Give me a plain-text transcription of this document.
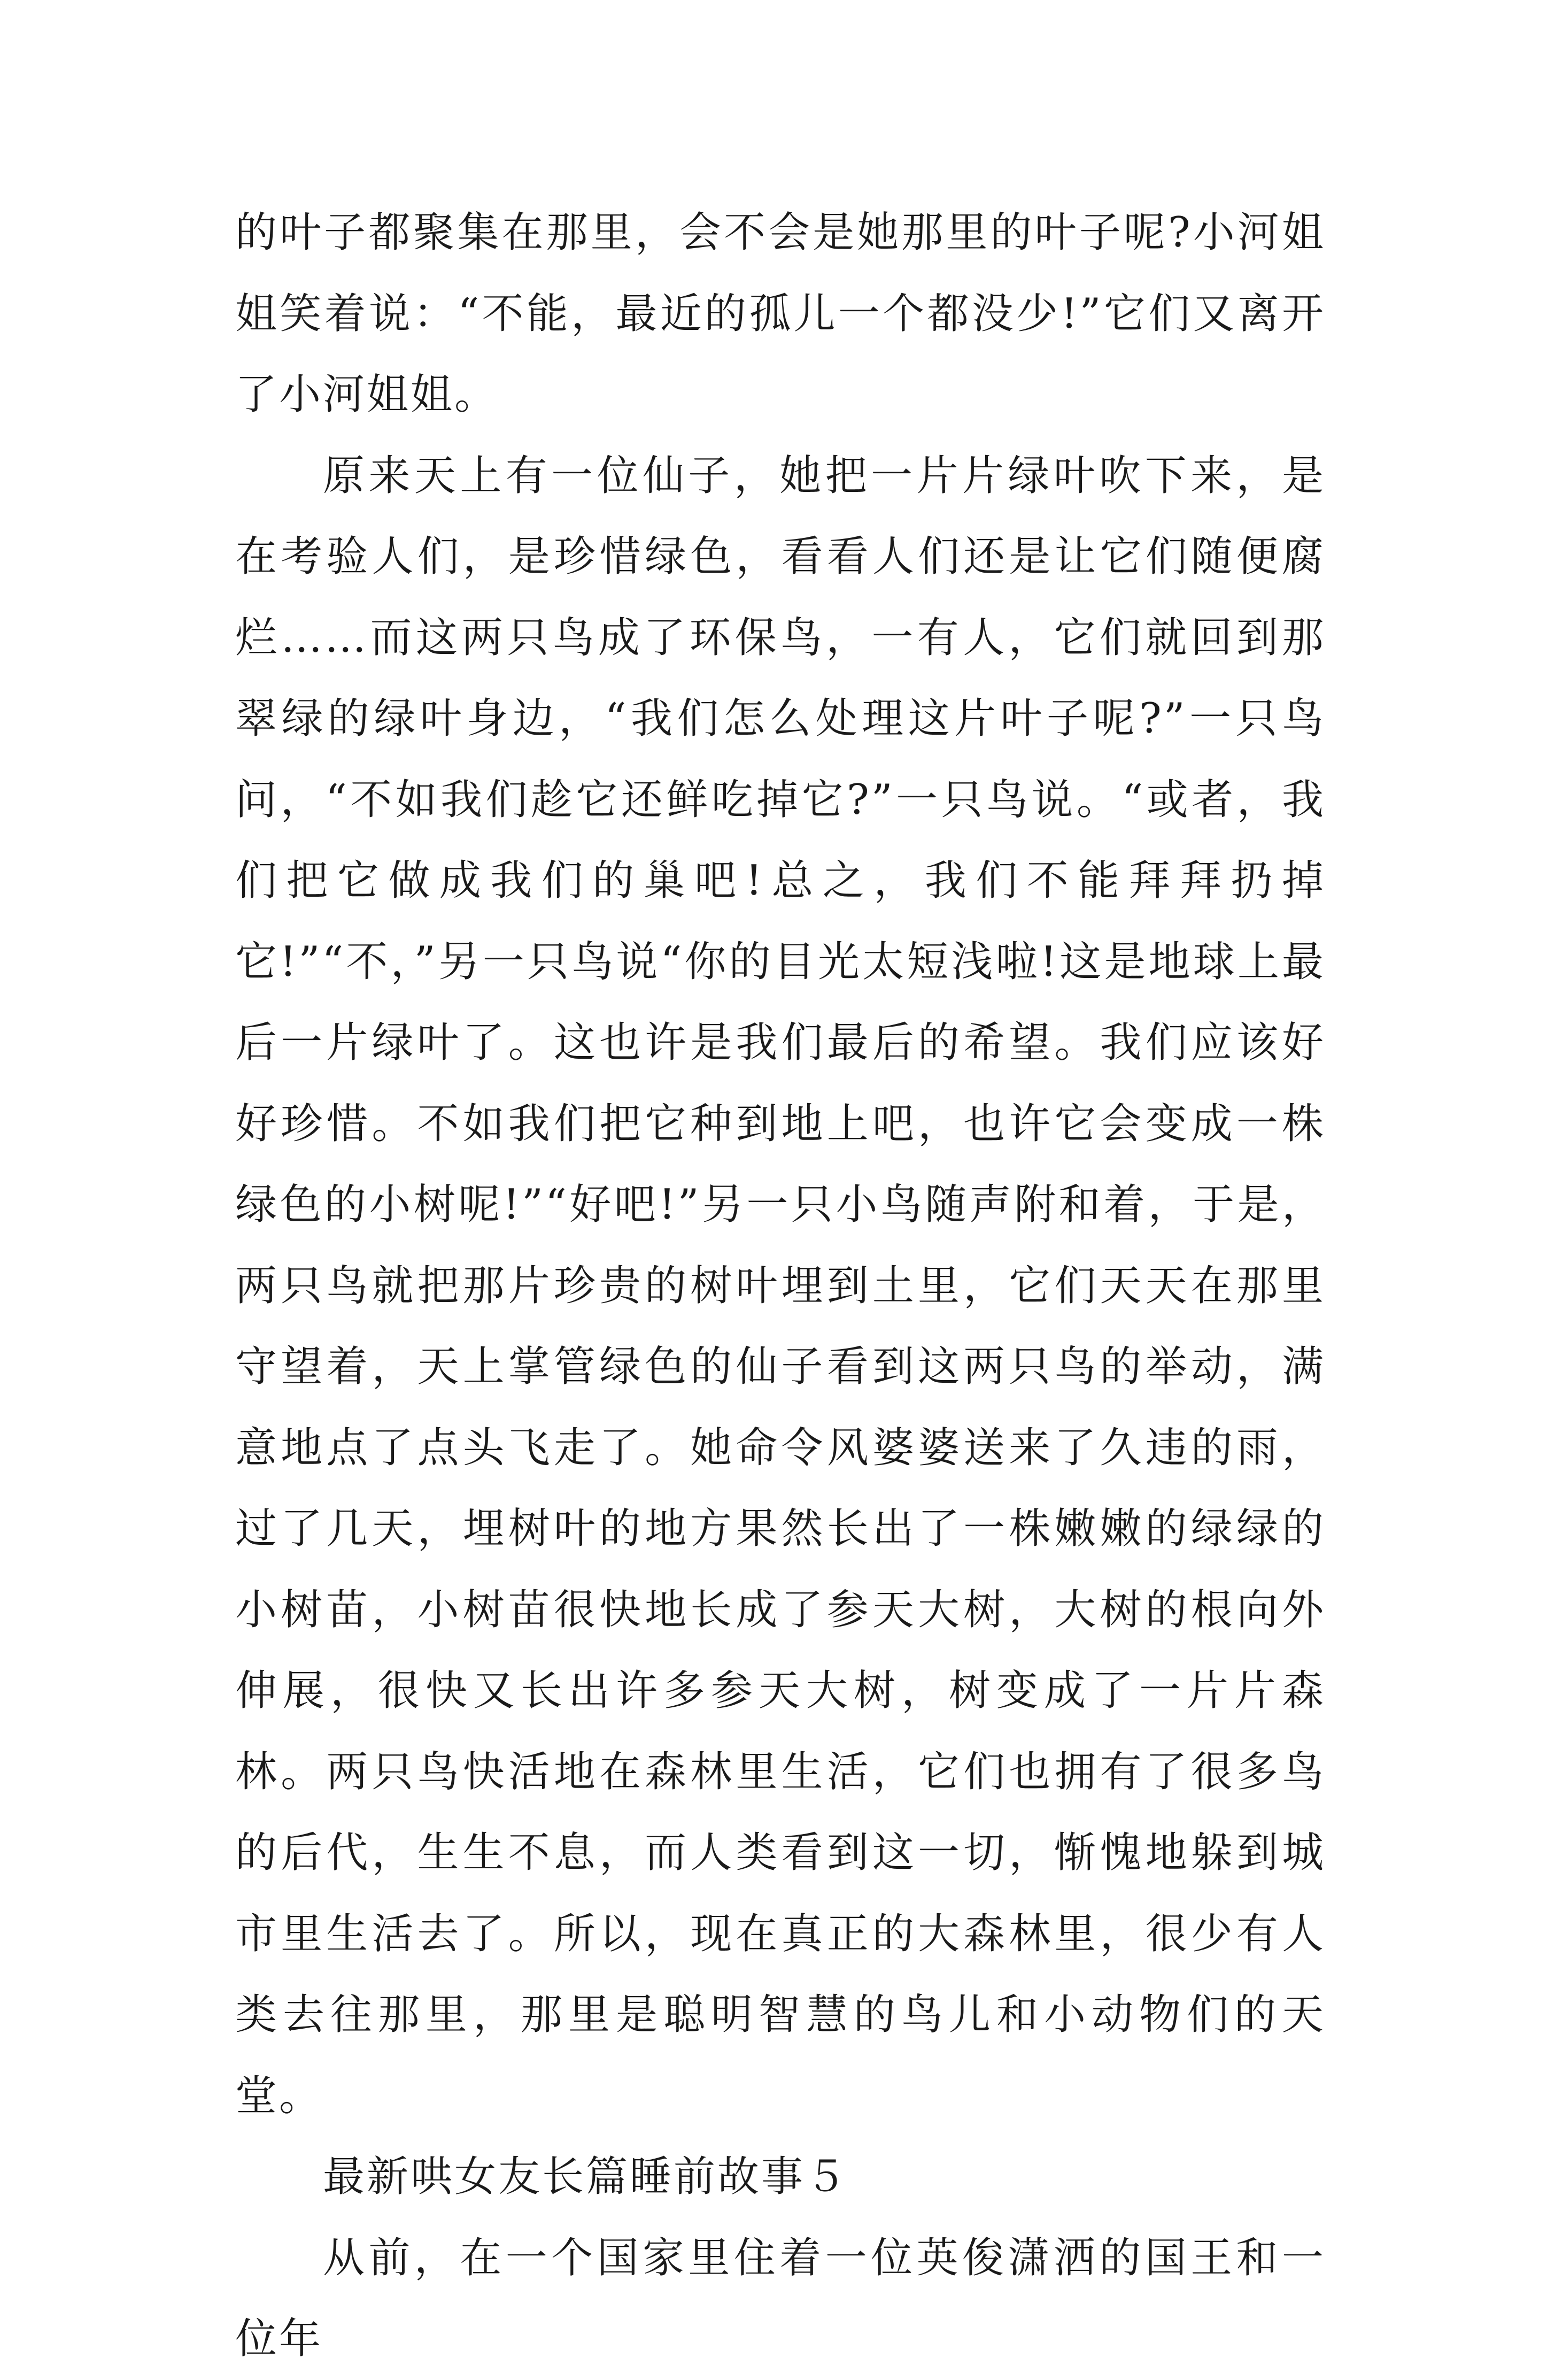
的叶子都聚集在那里，会不会是她那里的叶子呢?小河姐姐笑着说：“不能，最近的孤儿一个都没少!”它们又离开了小河姐姐。

原来天上有一位仙子，她把一片片绿叶吹下来，是在考验人们，是珍惜绿色，看看人们还是让它们随便腐烂……而这两只鸟成了环保鸟，一有人，它们就回到那翠绿的绿叶身边，“我们怎么处理这片叶子呢?”一只鸟问，“不如我们趁它还鲜吃掉它?”一只鸟说。“或者，我们把它做成我们的巢吧!总之，我们不能拜拜扔掉它!”“不，”另一只鸟说“你的目光太短浅啦!这是地球上最后一片绿叶了。这也许是我们最后的希望。我们应该好好珍惜。不如我们把它种到地上吧，也许它会变成一株绿色的小树呢!”“好吧!”另一只小鸟随声附和着，于是，两只鸟就把那片珍贵的树叶埋到土里，它们天天在那里守望着，天上掌管绿色的仙子看到这两只鸟的举动，满意地点了点头飞走了。她命令风婆婆送来了久违的雨，过了几天，埋树叶的地方果然长出了一株嫩嫩的绿绿的小树苗，小树苗很快地长成了参天大树，大树的根向外伸展，很快又长出许多参天大树，树变成了一片片森林。两只鸟快活地在森林里生活，它们也拥有了很多鸟的后代，生生不息，而人类看到这一切，惭愧地躲到城市里生活去了。所以，现在真正的大森林里，很少有人类去往那里，那里是聪明智慧的鸟儿和小动物们的天堂。

最新哄女友长篇睡前故事５

从前，在一个国家里住着一位英俊潇洒的国王和一位年
